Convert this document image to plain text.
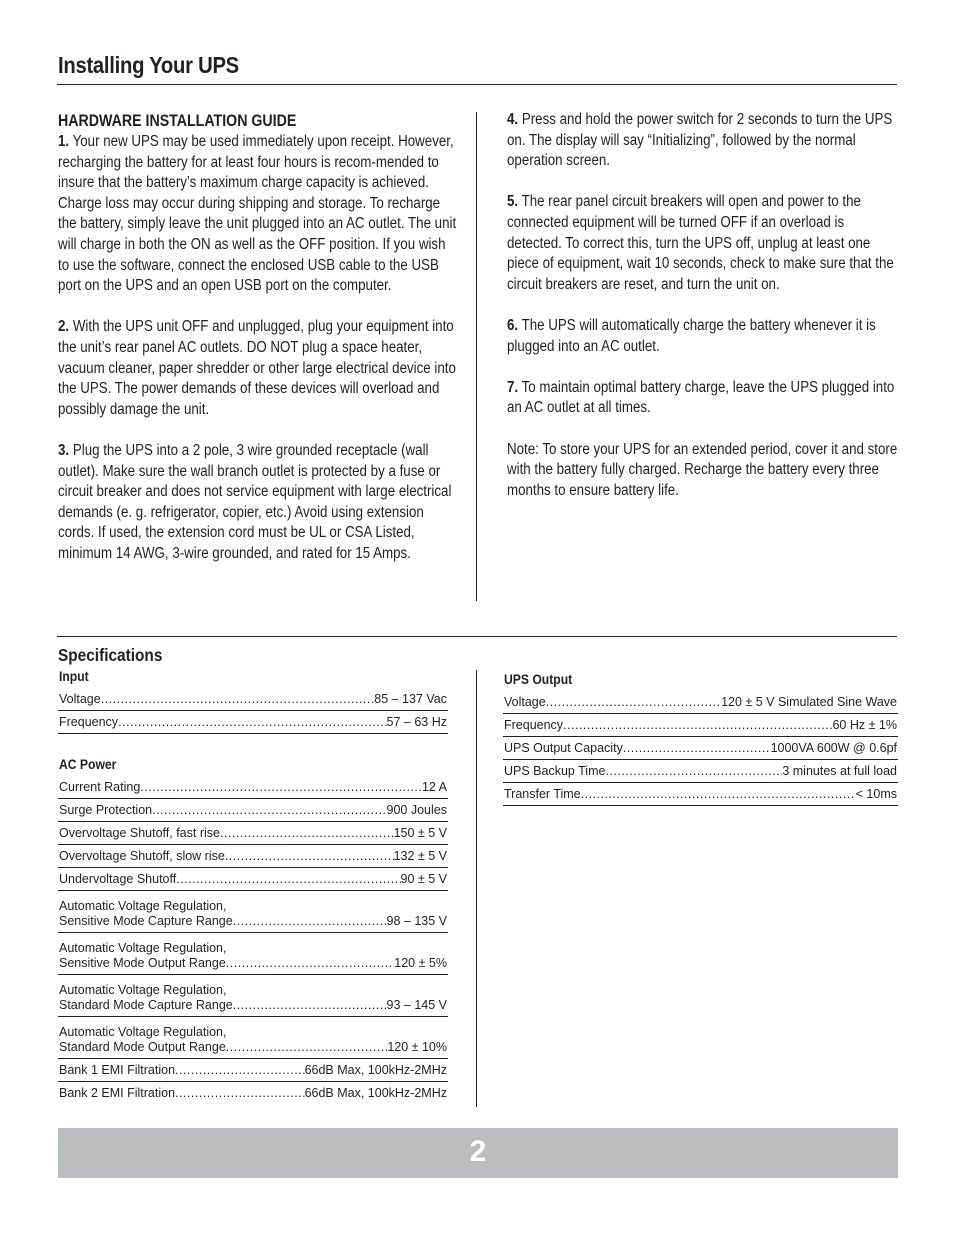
Installing Your UPS
HARDWARE INSTALLATION GUIDE

1. Your new UPS may be used immediately upon receipt. However, recharging the battery for at least four hours is recom-mended to insure that the battery’s maximum charge capacity is achieved. Charge loss may occur during shipping and storage. To recharge the battery, simply leave the unit plugged into an AC outlet. The unit will charge in both the ON as well as the OFF position. If you wish to use the software, connect the enclosed USB cable to the USB port on the UPS and an open USB port on the computer.

2. With the UPS unit OFF and unplugged, plug your equipment into the unit’s rear panel AC outlets. DO NOT plug a space heater, vacuum cleaner, paper shredder or other large electrical device into the UPS. The power demands of these devices will overload and possibly damage the unit.

3. Plug the UPS into a 2 pole, 3 wire grounded receptacle (wall outlet). Make sure the wall branch outlet is protected by a fuse or circuit breaker and does not service equipment with large electrical demands (e. g. refrigerator, copier, etc.) Avoid using extension cords. If used, the extension cord must be UL or CSA Listed, minimum 14 AWG, 3-wire grounded, and rated for 15 Amps.

4. Press and hold the power switch for 2 seconds to turn the UPS on. The display will say “Initializing”, followed by the normal operation screen.

5. The rear panel circuit breakers will open and power to the connected equipment will be turned OFF if an overload is detected. To correct this, turn the UPS off, unplug at least one piece of equipment, wait 10 seconds, check to make sure that the circuit breakers are reset, and turn the unit on.

6. The UPS will automatically charge the battery whenever it is plugged into an AC outlet.

7. To maintain optimal battery charge, leave the UPS plugged into an AC outlet at all times.

Note: To store your UPS for an extended period, cover it and store with the battery fully charged. Recharge the battery every three months to ensure battery life.

Specifications
Input
Voltage .....	85 – 137 Vac
Frequency .....	57 – 63 Hz
AC Power
Current Rating .....	12 A
Surge Protection .....	900 Joules
Overvoltage Shutoff, fast rise .....	150 ± 5 V
Overvoltage Shutoff, slow rise .....	132 ± 5 V
Undervoltage Shutoff .....	90 ± 5 V
Automatic Voltage Regulation,
Sensitive Mode Capture Range .....	98 – 135 V
Automatic Voltage Regulation,
Sensitive Mode Output Range .....	120 ± 5%
Automatic Voltage Regulation,
Standard Mode Capture Range .....	93 – 145 V
Automatic Voltage Regulation,
Standard Mode Output Range .....	120 ± 10%
Bank 1 EMI Filtration .....	66dB Max, 100kHz-2MHz
Bank 2 EMI Filtration .....	66dB Max, 100kHz-2MHz
UPS Output
Voltage .....	120 ± 5 V Simulated Sine Wave
Frequency .....	60 Hz ± 1%
UPS Output Capacity .....	1000VA 600W @ 0.6pf
UPS Backup Time .....	3 minutes at full load
Transfer Time .....	< 10ms
2
